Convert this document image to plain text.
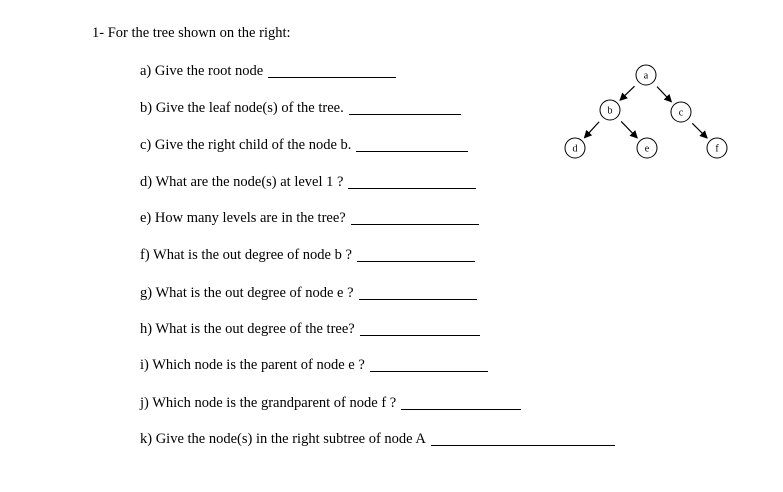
1- For the tree shown on the right:
a) Give the root node
b) Give the leaf node(s) of the tree.
c) Give the right child of the node b.
d) What are the node(s) at level 1 ?
e) How many levels are in the tree?
f) What is the out degree of node b ?
g) What is the out degree of node e ?
h) What is the out degree of the tree?
i) Which node is the parent of node e ?
j) Which node is the grandparent of node f ?
k) Give the node(s) in the right subtree of node A
a
b	c
d	e	f
